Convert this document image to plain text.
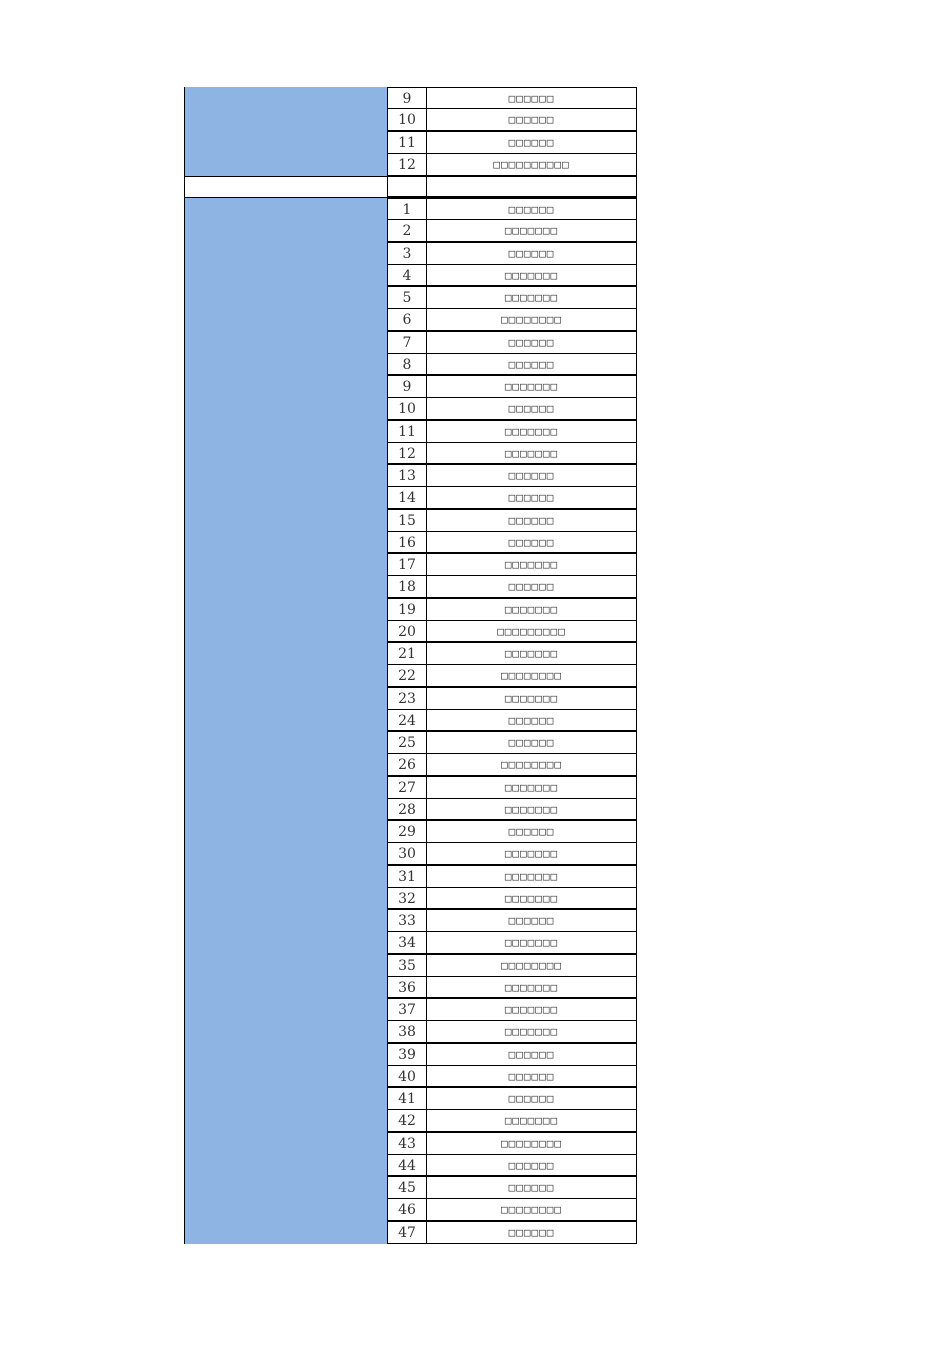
9	□□□□□□
10	□□□□□□
11	□□□□□□
12	□□□□□□□□□□
1	□□□□□□
2	□□□□□□□
3	□□□□□□
4	□□□□□□□
5	□□□□□□□
6	□□□□□□□□
7	□□□□□□
8	□□□□□□
9	□□□□□□□
10	□□□□□□
11	□□□□□□□
12	□□□□□□□
13	□□□□□□
14	□□□□□□
15	□□□□□□
16	□□□□□□
17	□□□□□□□
18	□□□□□□
19	□□□□□□□
20	□□□□□□□□□
21	□□□□□□□
22	□□□□□□□□
23	□□□□□□□
24	□□□□□□
25	□□□□□□
26	□□□□□□□□
27	□□□□□□□
28	□□□□□□□
29	□□□□□□
30	□□□□□□□
31	□□□□□□□
32	□□□□□□□
33	□□□□□□
34	□□□□□□□
35	□□□□□□□□
36	□□□□□□□
37	□□□□□□□
38	□□□□□□□
39	□□□□□□
40	□□□□□□
41	□□□□□□
42	□□□□□□□
43	□□□□□□□□
44	□□□□□□
45	□□□□□□
46	□□□□□□□□
47	□□□□□□
